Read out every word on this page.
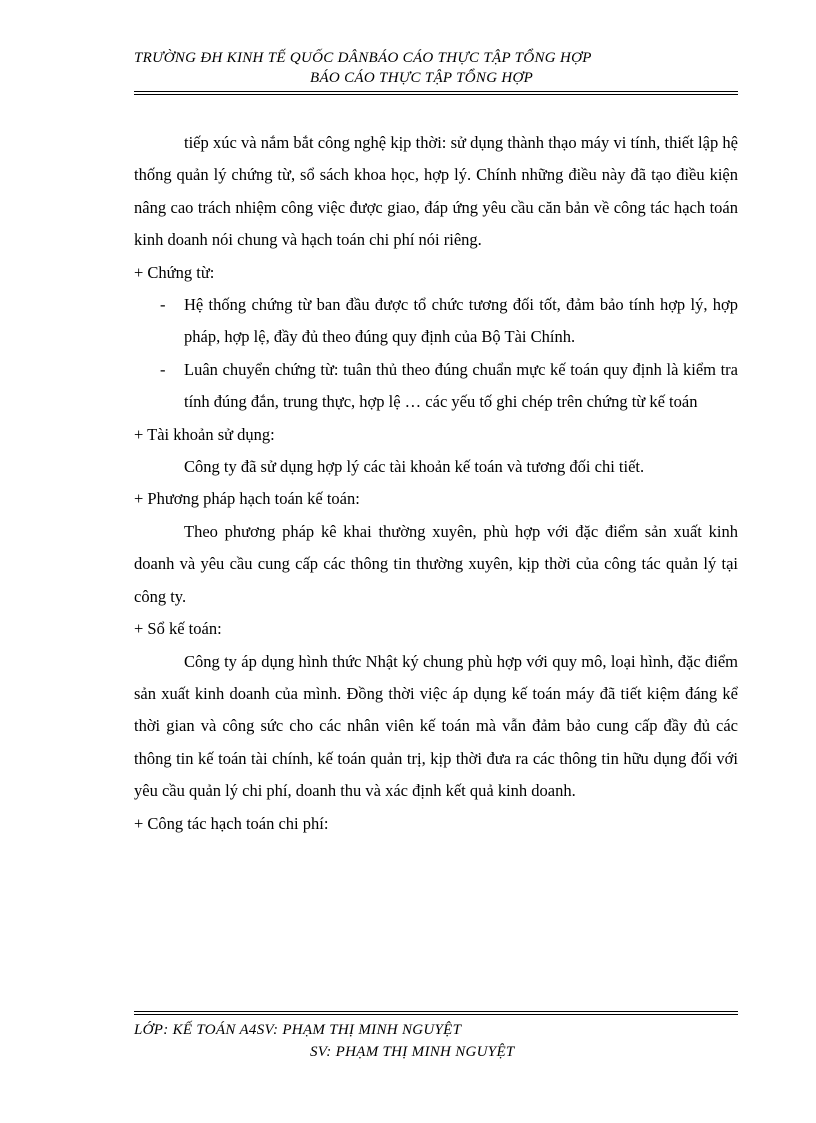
TRƯỜNG ĐH KINH TẾ QUỐC DÂNBÁO CÁO THỰC TẬP TỔNG HỢP
BÁO CÁO THỰC TẬP TỔNG HỢP

tiếp xúc và nắm bắt công nghệ kịp thời: sử dụng thành thạo máy vi tính, thiết lập hệ thống quản lý chứng từ, sổ sách khoa học, hợp lý. Chính những điều này đã tạo điều kiện nâng cao trách nhiệm công việc được giao, đáp ứng yêu cầu căn bản về công tác hạch toán kinh doanh nói chung và hạch toán chi phí nói riêng.

+ Chứng từ:

- Hệ thống chứng từ ban đầu được tổ chức tương đối tốt, đảm bảo tính hợp lý, hợp pháp, hợp lệ, đầy đủ theo đúng quy định của Bộ Tài Chính.

- Luân chuyển chứng từ: tuân thủ theo đúng chuẩn mực kế toán quy định là kiểm tra tính đúng đắn, trung thực, hợp lệ … các yếu tố ghi chép trên chứng từ kế toán

+ Tài khoản sử dụng:

Công ty đã sử dụng hợp lý các tài khoản kế toán và tương đối chi tiết.

+ Phương pháp hạch toán kế toán:

Theo phương pháp kê khai thường xuyên, phù hợp với đặc điểm sản xuất kinh doanh và yêu cầu cung cấp các thông tin thường xuyên, kịp thời của công tác quản lý tại công ty.

+ Sổ kế toán:

Công ty áp dụng hình thức Nhật ký chung phù hợp với quy mô, loại hình, đặc điểm sản xuất kinh doanh của mình. Đồng thời việc áp dụng kế toán máy đã tiết kiệm đáng kể thời gian và công sức cho các nhân viên kế toán mà vẫn đảm bảo cung cấp đầy đủ các thông tin kế toán tài chính, kế toán quản trị, kịp thời đưa ra các thông tin hữu dụng đối với yêu cầu quản lý chi phí, doanh thu và xác định kết quả kinh doanh.

+ Công tác hạch toán chi phí:

LỚP: KẾ TOÁN A4SV: PHẠM THỊ MINH NGUYỆT
SV: PHẠM THỊ MINH NGUYỆT
